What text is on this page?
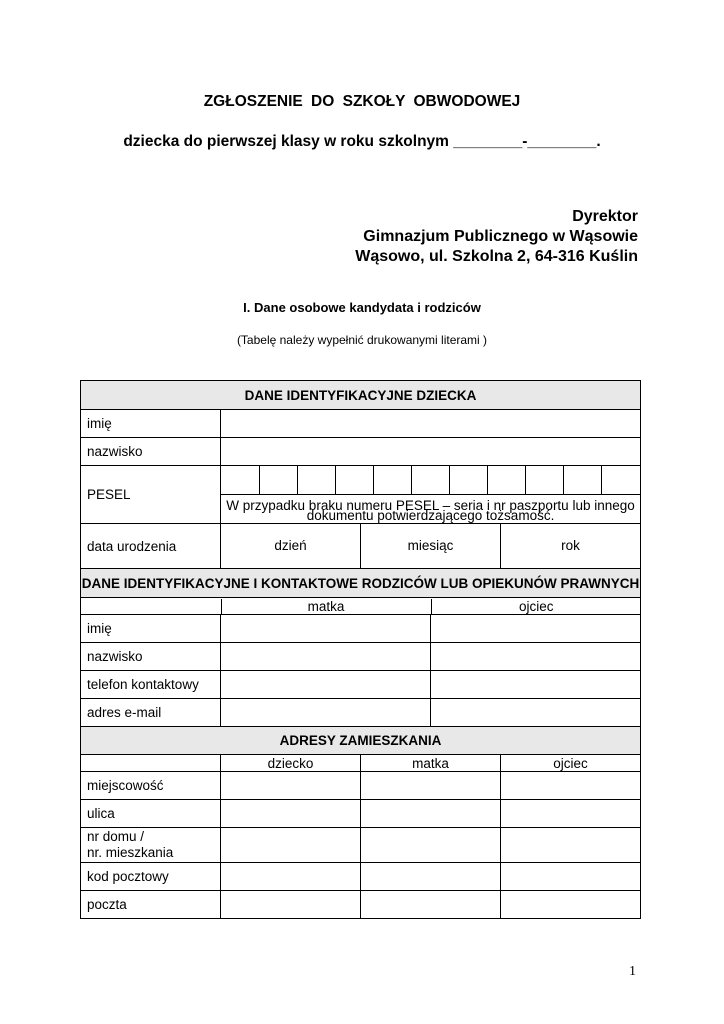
ZGŁOSZENIE DO SZKOŁY OBWODOWEJ
dziecka do pierwszej klasy w roku szkolnym ________-________.
Dyrektor
Gimnazjum Publicznego w Wąsowie
Wąsowo, ul. Szkolna 2, 64-316 Kuślin
I. Dane osobowe kandydata i rodziców
(Tabelę należy wypełnić drukowanymi literami )
DANE IDENTYFIKACYJNE DZIECKA
imię	
nazwisko	
PESEL	

W przypadku braku numeru PESEL – seria i nr paszportu lub innego dokumentu potwierdzającego tożsamość.
data urodzenia	dzień	miesiąc	rok
DANE IDENTYFIKACYJNE I KONTAKTOWE RODZICÓW LUB OPIEKUNÓW PRAWNYCH

	matka	ojciec

imię		
nazwisko		
telefon kontaktowy		
adres e-mail		
ADRESY ZAMIESZKANIA
	dziecko	matka	ojciec
miejscowość			
ulica			

nr domu /
nr. mieszkania

kod pocztowy			
poczta			
1
